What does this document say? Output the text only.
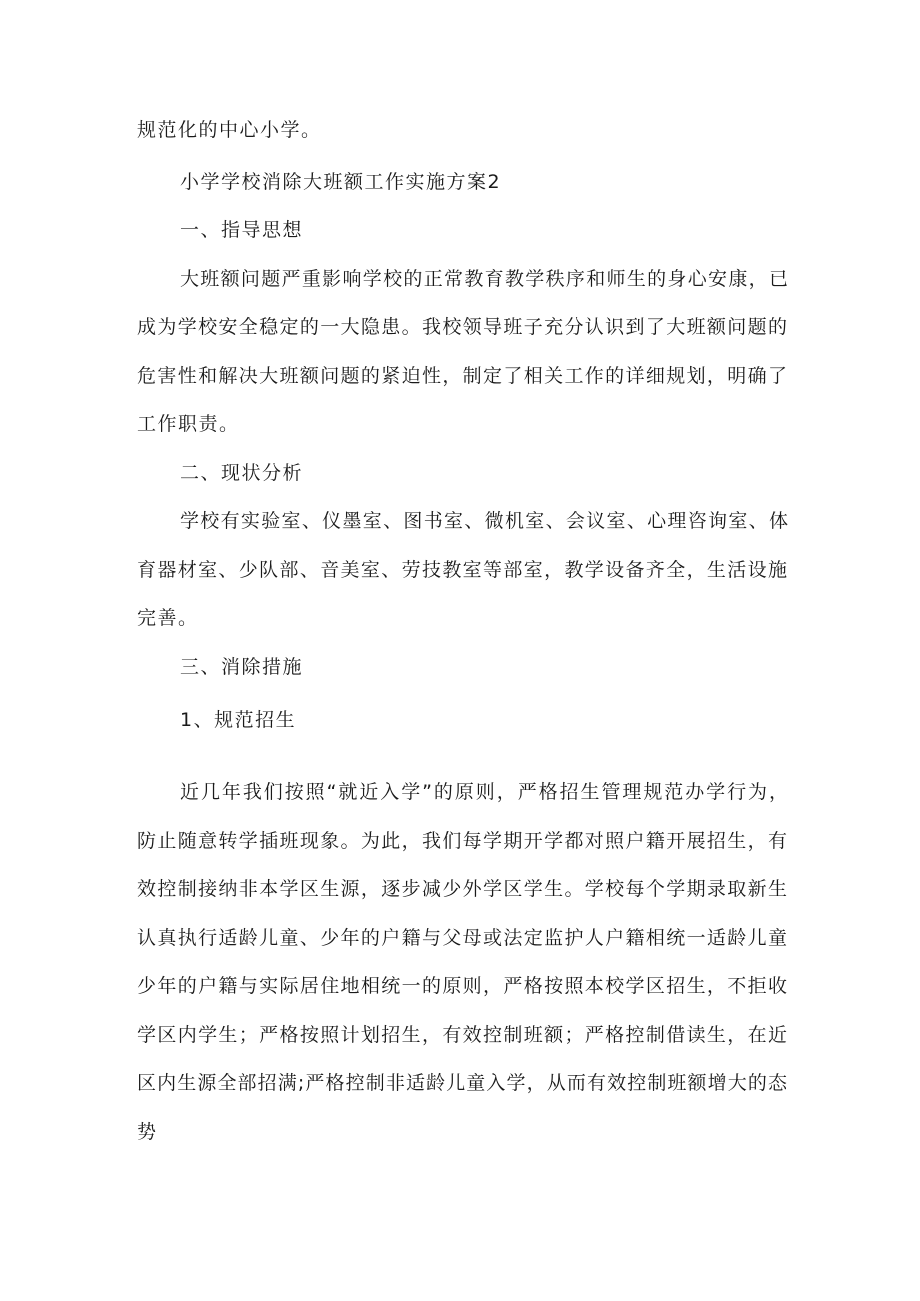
规范化的中心小学。
小学学校消除大班额工作实施方案2
一、指导思想
大班额问题严重影响学校的正常教育教学秩序和师生的身心安康，已
成为学校安全稳定的一大隐患。我校领导班子充分认识到了大班额问题的
危害性和解决大班额问题的紧迫性，制定了相关工作的详细规划，明确了
工作职责。
二、现状分析
学校有实验室、仪墨室、图书室、微机室、会议室、心理咨询室、体
育器材室、少队部、音美室、劳技教室等部室，教学设备齐全，生活设施
完善。
三、消除措施
1、规范招生
近几年我们按照“就近入学”的原则，严格招生管理规范办学行为，
防止随意转学插班现象。为此，我们每学期开学都对照户籍开展招生，有
效控制接纳非本学区生源，逐步减少外学区学生。学校每个学期录取新生
认真执行适龄儿童、少年的户籍与父母或法定监护人户籍相统一适龄儿童
少年的户籍与实际居住地相统一的原则，严格按照本校学区招生，不拒收
学区内学生；严格按照计划招生，有效控制班额；严格控制借读生，在近
区内生源全部招满;严格控制非适龄儿童入学，从而有效控制班额增大的态
势
